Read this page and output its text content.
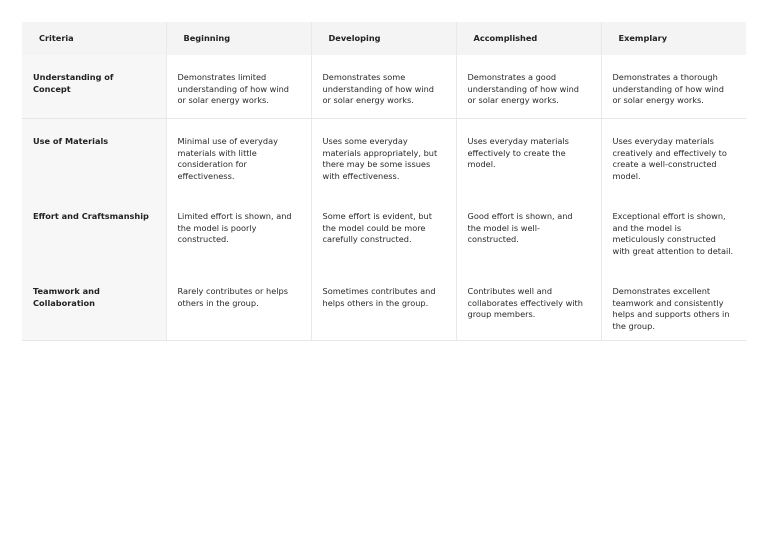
Criteria	Beginning	Developing	Accomplished	Exemplary
Understanding of Concept	Demonstrates limited understanding of how wind or solar energy works.	Demonstrates some understanding of how wind or solar energy works.	Demonstrates a good understanding of how wind or solar energy works.	Demonstrates a thorough understanding of how wind or solar energy works.
Use of Materials	Minimal use of everyday materials with little consideration for effectiveness.	Uses some everyday materials appropriately, but there may be some issues with effectiveness.	Uses everyday materials effectively to create the model.	Uses everyday materials creatively and effectively to create a well-constructed model.
Effort and Craftsmanship	Limited effort is shown, and the model is poorly constructed.	Some effort is evident, but the model could be more carefully constructed.	Good effort is shown, and the model is well-constructed.	Exceptional effort is shown, and the model is meticulously constructed with great attention to detail.
Teamwork and Collaboration	Rarely contributes or helps others in the group.	Sometimes contributes and helps others in the group.	Contributes well and collaborates effectively with group members.	Demonstrates excellent teamwork and consistently helps and supports others in the group.
